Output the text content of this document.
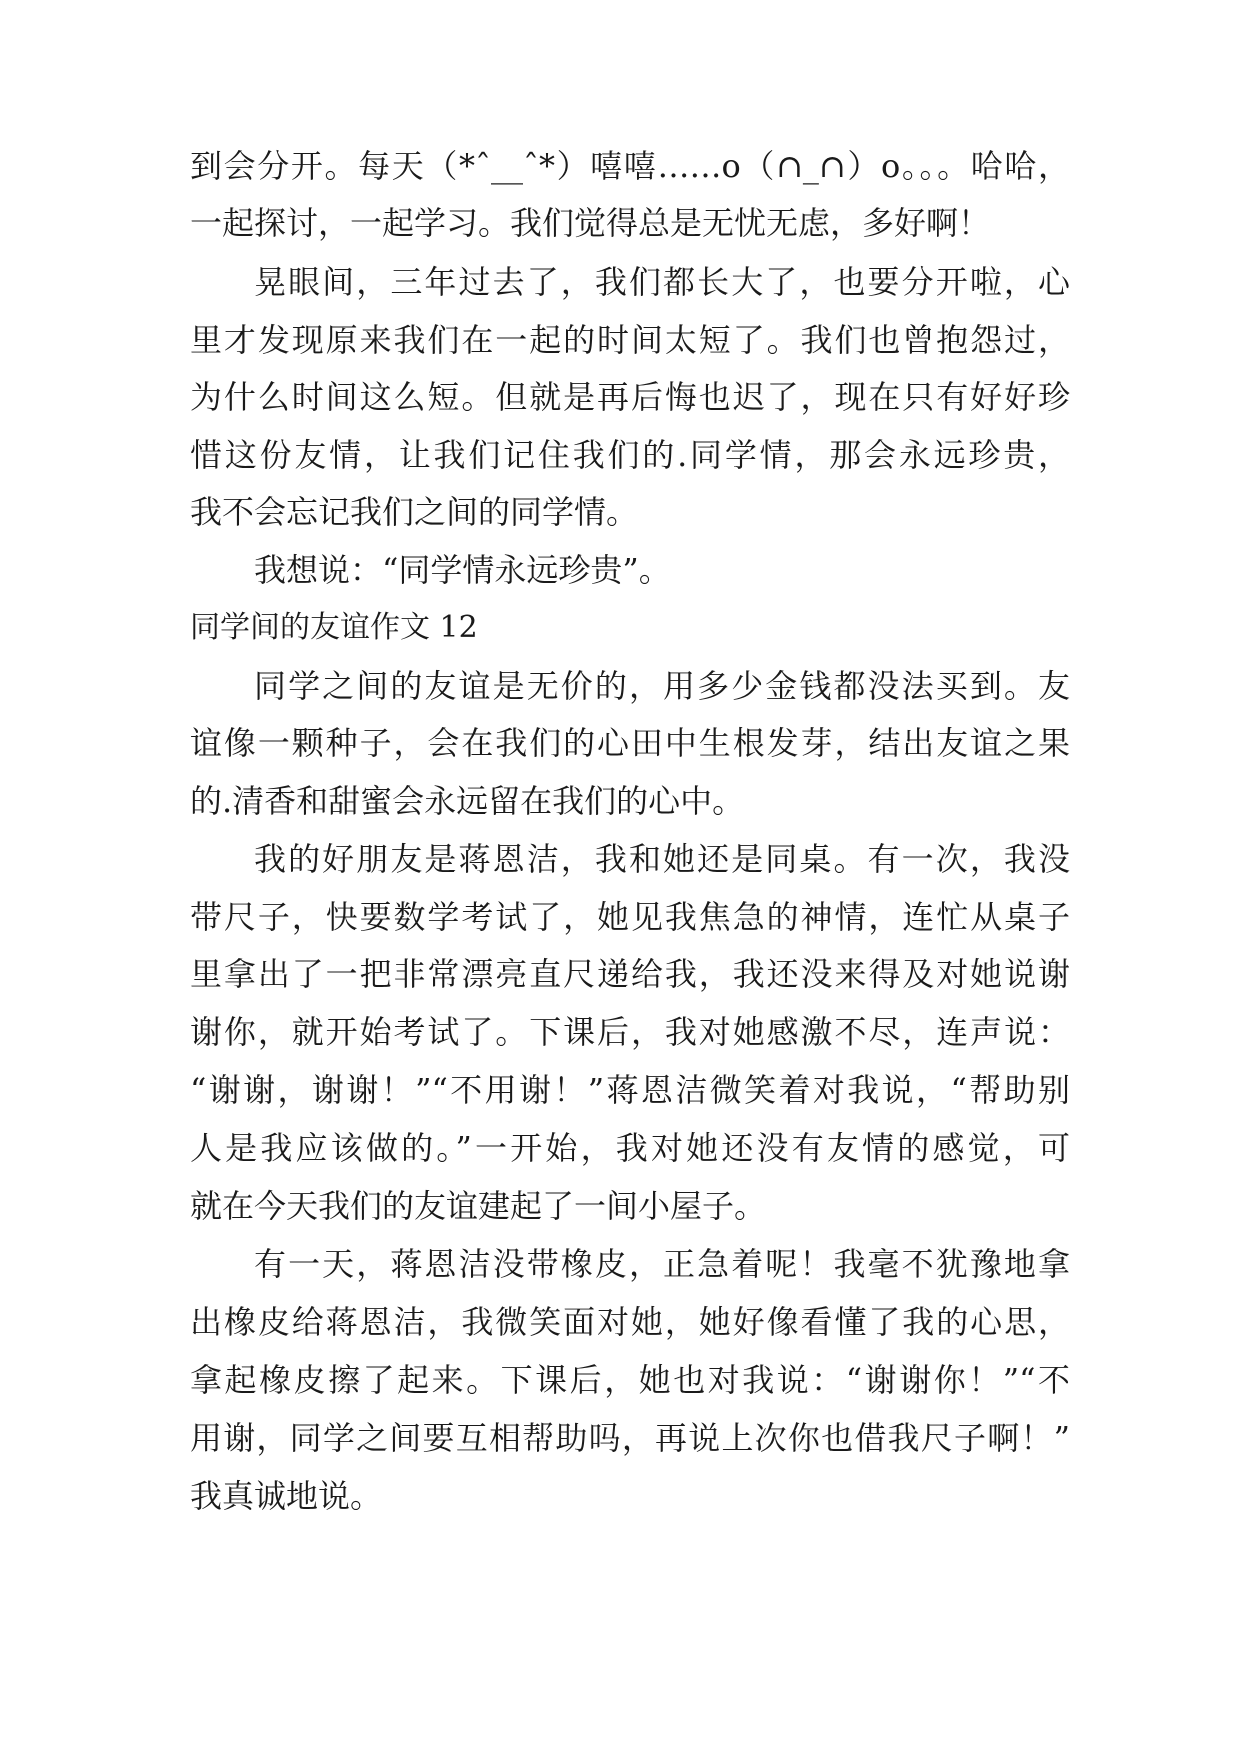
到会分开。每天（*ˆ__ˆ*）嘻嘻……o（∩_∩）o。。。哈哈，
一起探讨，一起学习。我们觉得总是无忧无虑，多好啊！
晃眼间，三年过去了，我们都长大了，也要分开啦，心
里才发现原来我们在一起的时间太短了。我们也曾抱怨过，
为什么时间这么短。但就是再后悔也迟了，现在只有好好珍
惜这份友情，让我们记住我们的.同学情，那会永远珍贵，
我不会忘记我们之间的同学情。
我想说：“同学情永远珍贵”。
同学间的友谊作文 12
同学之间的友谊是无价的，用多少金钱都没法买到。友
谊像一颗种子，会在我们的心田中生根发芽，结出友谊之果
的.清香和甜蜜会永远留在我们的心中。
我的好朋友是蒋恩洁，我和她还是同桌。有一次，我没
带尺子，快要数学考试了，她见我焦急的神情，连忙从桌子
里拿出了一把非常漂亮直尺递给我，我还没来得及对她说谢
谢你，就开始考试了。下课后，我对她感激不尽，连声说：
“谢谢，谢谢！”“不用谢！”蒋恩洁微笑着对我说，“帮助别
人是我应该做的。”一开始，我对她还没有友情的感觉，可
就在今天我们的友谊建起了一间小屋子。
有一天，蒋恩洁没带橡皮，正急着呢！我毫不犹豫地拿
出橡皮给蒋恩洁，我微笑面对她，她好像看懂了我的心思，
拿起橡皮擦了起来。下课后，她也对我说：“谢谢你！”“不
用谢，同学之间要互相帮助吗，再说上次你也借我尺子啊！”
我真诚地说。
